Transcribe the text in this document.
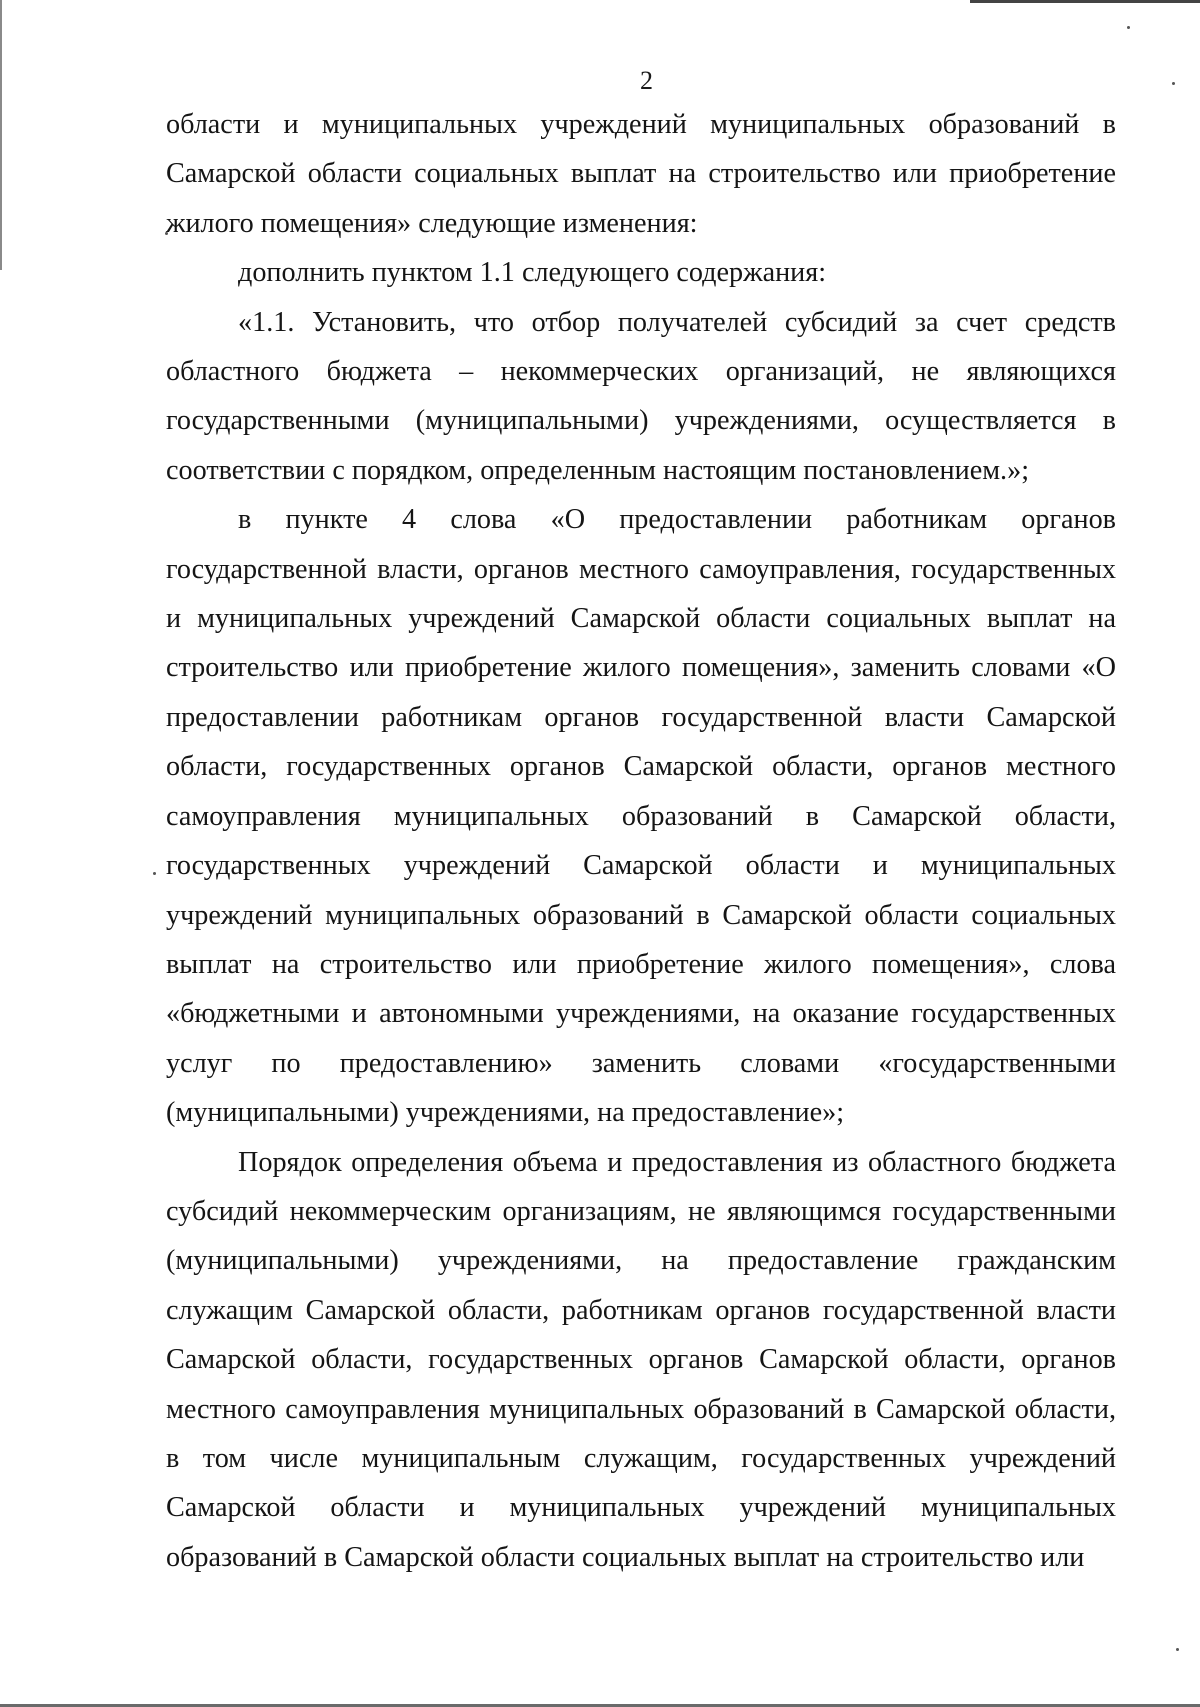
2

области и муниципальных учреждений муниципальных образований в Самарской области социальных выплат на строительство или приобретение жилого помещения» следующие изменения:

дополнить пунктом 1.1 следующего содержания:

«1.1. Установить, что отбор получателей субсидий за счет средств областного бюджета – некоммерческих организаций, не являющихся государственными (муниципальными) учреждениями, осуществляется в соответствии с порядком, определенным настоящим постановлением.»;

в пункте 4 слова «О предоставлении работникам органов государственной власти, органов местного самоуправления, государственных и муниципальных учреждений Самарской области социальных выплат на строительство или приобретение жилого помещения», заменить словами «О предоставлении работникам органов государственной власти Самарской области, государственных органов Самарской области, органов местного самоуправления муниципальных образований в Самарской области, государственных учреждений Самарской области и муниципальных учреждений муниципальных образований в Самарской области социальных выплат на строительство или приобретение жилого помещения», слова «бюджетными и автономными учреждениями, на оказание государственных услуг по предоставлению» заменить словами «государственными (муниципальными) учреждениями, на предоставление»;

Порядок определения объема и предоставления из областного бюджета субсидий некоммерческим организациям, не являющимся государственными (муниципальными) учреждениями, на предоставление гражданским служащим Самарской области, работникам органов государственной власти Самарской области, государственных органов Самарской области, органов местного самоуправления муниципальных образований в Самарской области, в том числе муниципальным служащим, государственных учреждений Самарской области и муниципальных учреждений муниципальных образований в Самарской области социальных выплат на строительство или
